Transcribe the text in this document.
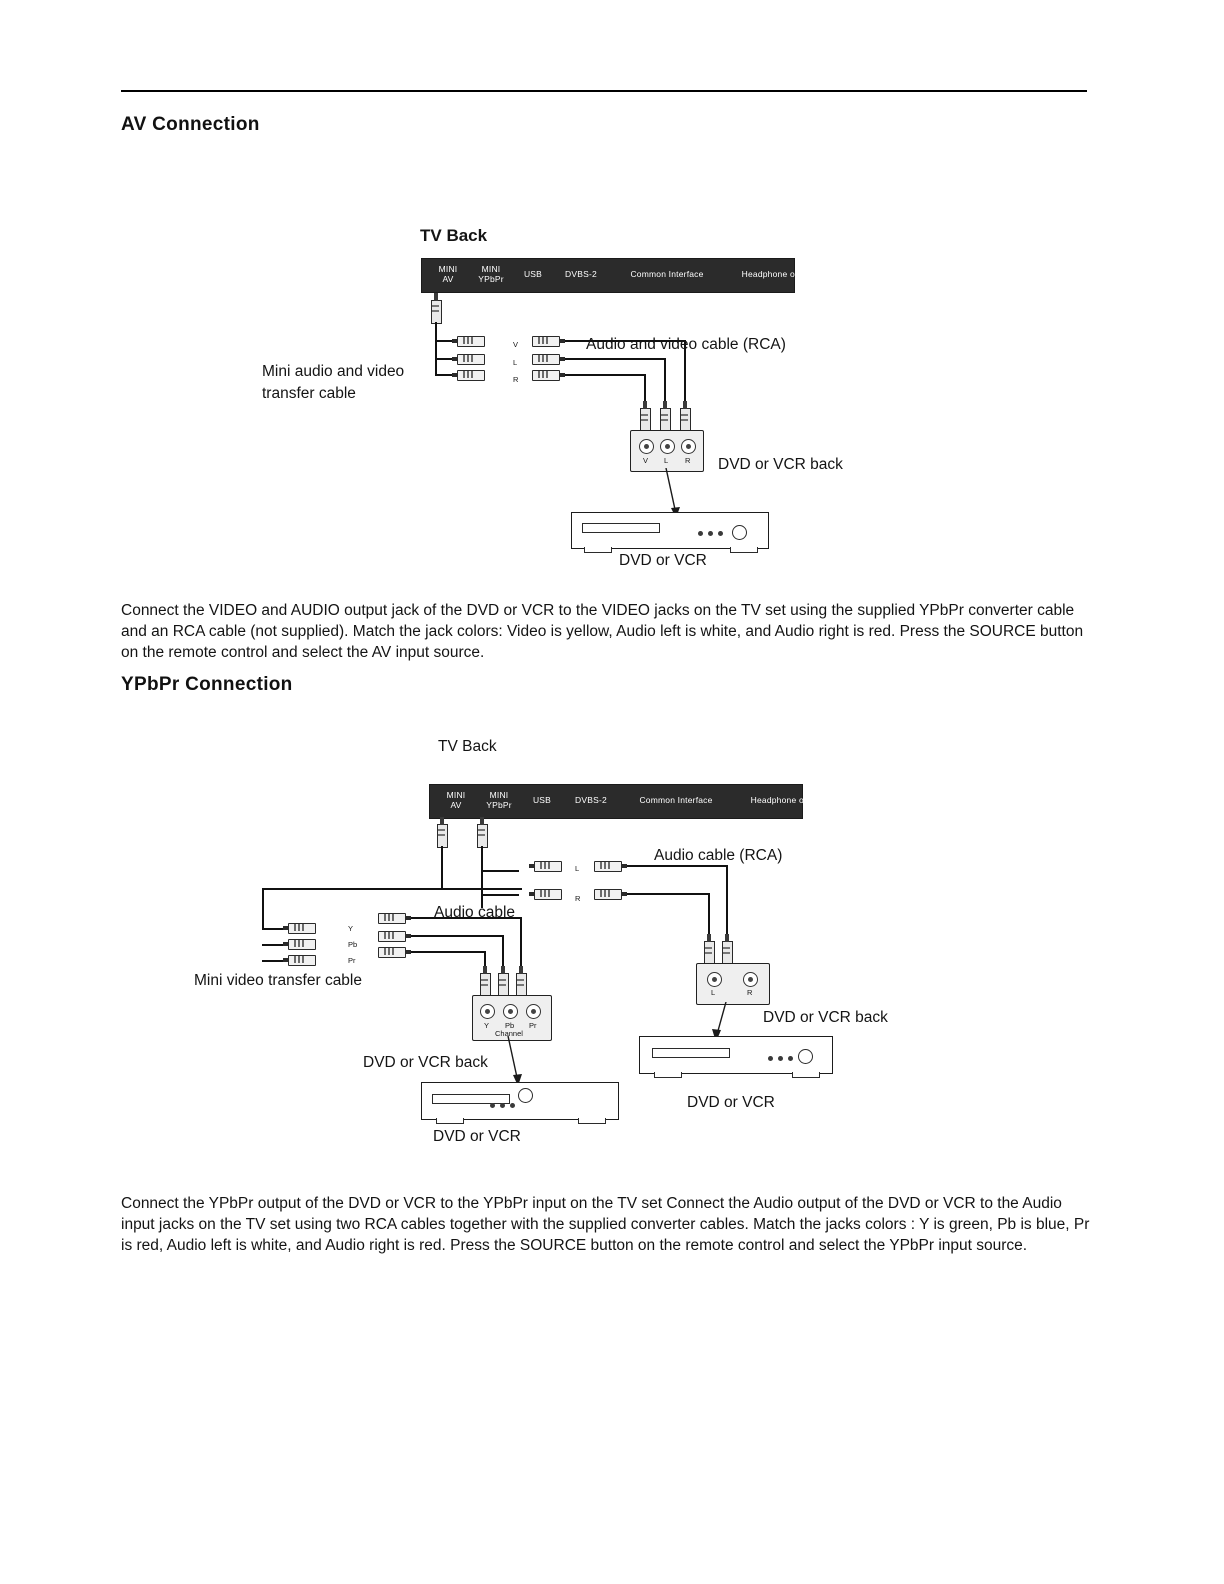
AV Connection
TV Back
MINI
AV
MINI
YPbPr	USB	DVBS-2	Common Interface	Headphone out
V
L
R
V L R
Mini audio and video
transfer cable
Audio and video cable (RCA)
DVD or VCR back
DVD or VCR

Connect the VIDEO and AUDIO output jack of the DVD or VCR to the VIDEO jacks on the TV set using the supplied YPbPr converter cable and an RCA cable (not supplied). Match the jack colors: Video is yellow, Audio left is white, and Audio right is red. Press the SOURCE button on the remote control and select the AV input source.

YPbPr Connection
TV Back
MINI
AV
MINI
YPbPr	USB	DVBS-2	Common Interface	Headphone out
Y
Pb
Pr
Y Pb Pr
Channel
L
R
L	R
Audio cable (RCA)
Audio cable
Mini video transfer cable
DVD or VCR back
DVD or VCR
DVD or VCR back
DVD or VCR

Connect the YPbPr output of the DVD or VCR to the YPbPr input on the TV set Connect the Audio output of the DVD or VCR to the Audio input jacks on the TV set using two RCA cables together with the supplied converter cables. Match the jacks colors : Y is green, Pb is blue, Pr is red, Audio left is white, and Audio right is red. Press the SOURCE button on the remote control and select the YPbPr input source.
